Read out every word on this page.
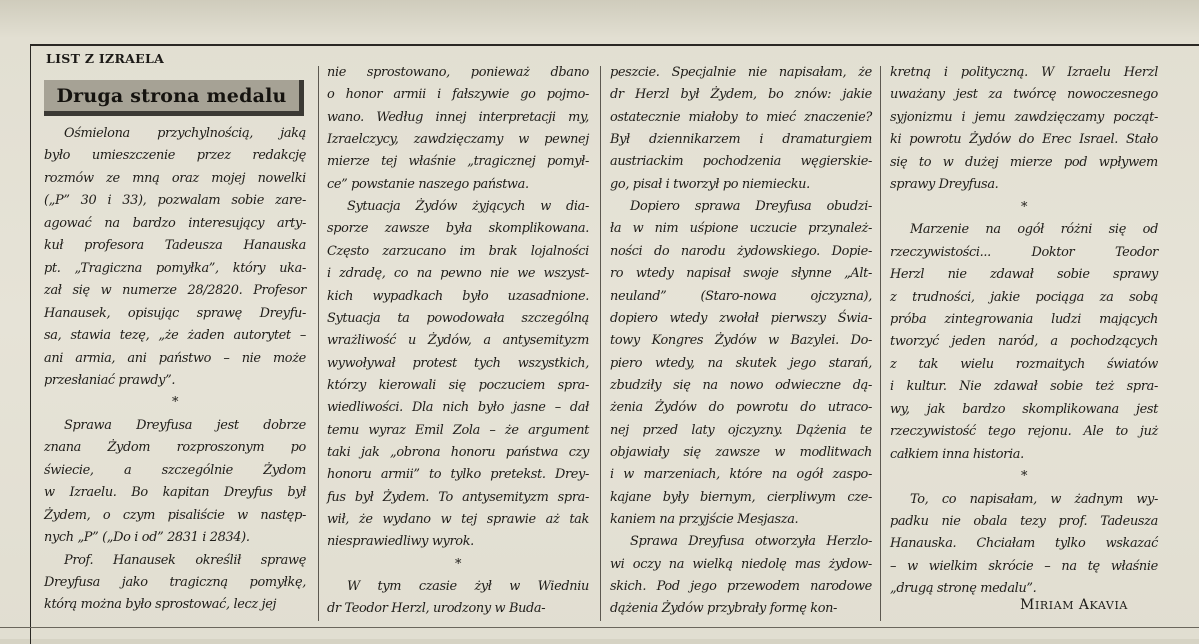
LIST Z IZRAELA
Druga strona medalu
Ośmielona przychylnością, jaką
było umieszczenie przez redakcję
rozmów ze mną oraz mojej nowelki
(„P” 30 i 33), pozwalam sobie zare-
agować na bardzo interesujący arty-
kuł profesora Tadeusza Hanauska
pt. „Tragiczna pomyłka”, który uka-
zał się w numerze 28/2820. Profesor
Hanausek, opisując sprawę Dreyfu-
sa, stawia tezę, „że żaden autorytet –
ani armia, ani państwo – nie może
przesłaniać prawdy”.
*
Sprawa Dreyfusa jest dobrze
znana Żydom rozproszonym po
świecie, a szczególnie Żydom
w Izraelu. Bo kapitan Dreyfus był
Żydem, o czym pisaliście w następ-
nych „P” („Do i od” 2831 i 2834).
Prof. Hanausek określił sprawę
Dreyfusa jako tragiczną pomyłkę,
którą można było sprostować, lecz jej
nie sprostowano, ponieważ dbano
o honor armii i fałszywie go pojmo-
wano. Według innej interpretacji my,
Izraelczycy, zawdzięczamy w pewnej
mierze tej właśnie „tragicznej pomył-
ce” powstanie naszego państwa.
Sytuacja Żydów żyjących w dia-
sporze zawsze była skomplikowana.
Często zarzucano im brak lojalności
i zdradę, co na pewno nie we wszyst-
kich wypadkach było uzasadnione.
Sytuacja ta powodowała szczególną
wrażliwość u Żydów, a antysemityzm
wywoływał protest tych wszystkich,
którzy kierowali się poczuciem spra-
wiedliwości. Dla nich było jasne – dał
temu wyraz Emil Zola – że argument
taki jak „obrona honoru państwa czy
honoru armii” to tylko pretekst. Drey-
fus był Żydem. To antysemityzm spra-
wił, że wydano w tej sprawie aż tak
niesprawiedliwy wyrok.
*
W tym czasie żył w Wiedniu
dr Teodor Herzl, urodzony w Buda-
peszcie. Specjalnie nie napisałam, że
dr Herzl był Żydem, bo znów: jakie
ostatecznie miałoby to mieć znaczenie?
Był dziennikarzem i dramaturgiem
austriackim pochodzenia węgierskie-
go, pisał i tworzył po niemiecku.
Dopiero sprawa Dreyfusa obudzi-
ła w nim uśpione uczucie przynależ-
ności do narodu żydowskiego. Dopie-
ro wtedy napisał swoje słynne „Alt-
neuland”	(Staro-nowa	ojczyzna),
dopiero wtedy zwołał pierwszy Świa-
towy Kongres Żydów w Bazylei. Do-
piero wtedy, na skutek jego starań,
zbudziły się na nowo odwieczne dą-
żenia Żydów do powrotu do utraco-
nej przed laty ojczyzny. Dążenia te
objawiały się zawsze w modlitwach
i w marzeniach, które na ogół zaspo-
kajane były biernym, cierpliwym cze-
kaniem na przyjście Mesjasza.
Sprawa Dreyfusa otworzyła Herzlo-
wi oczy na wielką niedolę mas żydow-
skich. Pod jego przewodem narodowe
dążenia Żydów przybrały formę kon-
kretną i polityczną. W Izraelu Herzl
uważany jest za twórcę nowoczesnego
syjonizmu i jemu zawdzięczamy począt-
ki powrotu Żydów do Erec Israel. Stało
się to w dużej mierze pod wpływem
sprawy Dreyfusa.
*
Marzenie na ogół różni się od
rzeczywistości...	Doktor	Teodor
Herzl nie zdawał sobie sprawy
z trudności, jakie pociąga za sobą
próba zintegrowania ludzi mających
tworzyć jeden naród, a pochodzących
z tak wielu rozmaitych światów
i kultur. Nie zdawał sobie też spra-
wy, jak bardzo skomplikowana jest
rzeczywistość tego rejonu. Ale to już
całkiem inna historia.
*
To, co napisałam, w żadnym wy-
padku nie obala tezy prof. Tadeusza
Hanauska. Chciałam tylko wskazać
– w wielkim skrócie – na tę właśnie
„drugą stronę medalu”.
MIRIAM AKAVIA
